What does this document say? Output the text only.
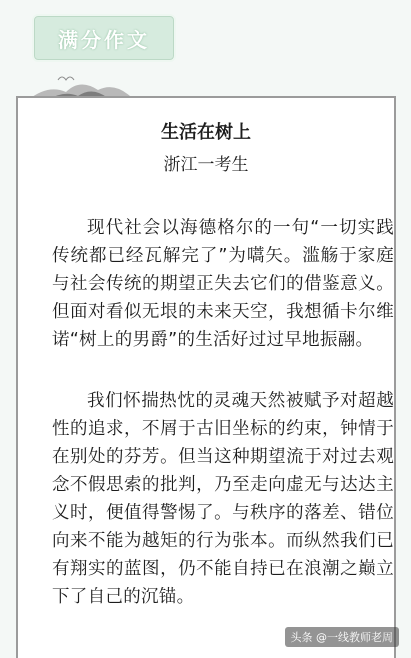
满分作文
生活在树上
浙江一考生

现代社会以海德格尔的一句“一切实践传统都已经瓦解完了”为嚆矢。滥觞于家庭与社会传统的期望正失去它们的借鉴意义。但面对看似无垠的未来天空，我想循卡尔维诺“树上的男爵”的生活好过过早地振翮。

我们怀揣热忱的灵魂天然被赋予对超越性的追求，不屑于古旧坐标的约束，钟情于在别处的芬芳。但当这种期望流于对过去观念不假思索的批判，乃至走向虚无与达达主义时，便值得警惕了。与秩序的落差、错位向来不能为越矩的行为张本。而纵然我们已有翔实的蓝图，仍不能自持已在浪潮之巅立下了自己的沉锚。

头条 @一线教师老周
